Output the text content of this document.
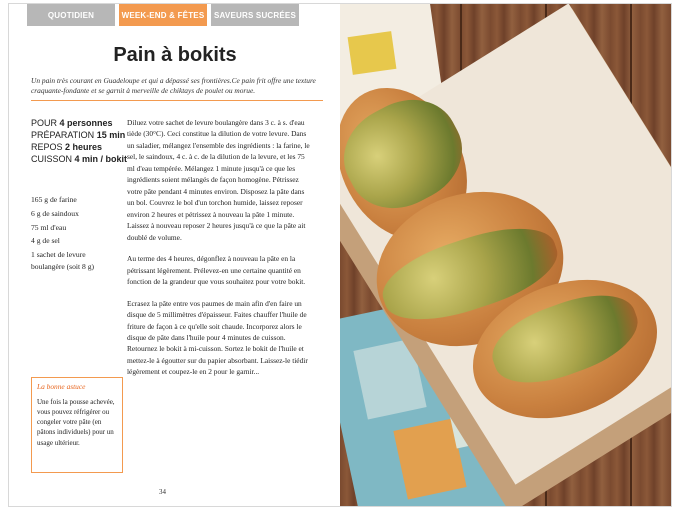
QUOTIDIEN	WEEK-END & FÊTES	SAVEURS SUCRÉES
Pain à bokits
Un pain très courant en Guadeloupe et qui a dépassé ses frontières.Ce pain frit offre une texture craquante-fondante et se garnit à merveille de chiktays de poulet ou morue.
POUR 4 personnes
PRÉPARATION 15 min
REPOS 2 heures
CUISSON 4 min / bokit
165 g de farine
6 g de saindoux
75 ml d'eau
4 g de sel
1 sachet de levure boulangère (soit 8 g)
La bonne astuce
Une fois la pousse achevée, vous pouvez réfrigérer ou congeler votre pâte (en pâtons individuels) pour un usage ultérieur.

Diluez votre sachet de levure boulangère dans 3 c. à s. d'eau tiède (30°C). Ceci constitue la dilution de votre levure. Dans un saladier, mélangez l'ensemble des ingrédients : la farine, le sel, le saindoux, 4 c. à c. de la dilution de la levure, et les 75 ml d'eau tempérée. Mélangez 1 minute jusqu'à ce que les ingrédients soient mélangés de façon homogène. Pétrissez votre pâte pendant 4 minutes environ. Disposez la pâte dans un bol. Couvrez le bol d'un torchon humide, laissez reposer environ 2 heures et pétrissez à nouveau la pâte 1 minute. Laissez à nouveau reposer 2 heures jusqu'à ce que la pâte ait doublé de volume.

Au terme des 4 heures, dégonflez à nouveau la pâte en la pétrissant légèrement. Prélevez-en une certaine quantité en fonction de la grandeur que vous souhaitez pour votre bokit.

Ecrasez la pâte entre vos paumes de main afin d'en faire un disque de 5 millimètres d'épaisseur. Faites chauffer l'huile de friture de façon à ce qu'elle soit chaude. Incorporez alors le disque de pâte dans l'huile pour 4 minutes de cuisson. Retournez le bokit à mi-cuisson. Sortez le bokit de l'huile et mettez-le à égoutter sur du papier absorbant. Laissez-le tiédir légèrement et coupez-le en 2 pour le garnir...

34
